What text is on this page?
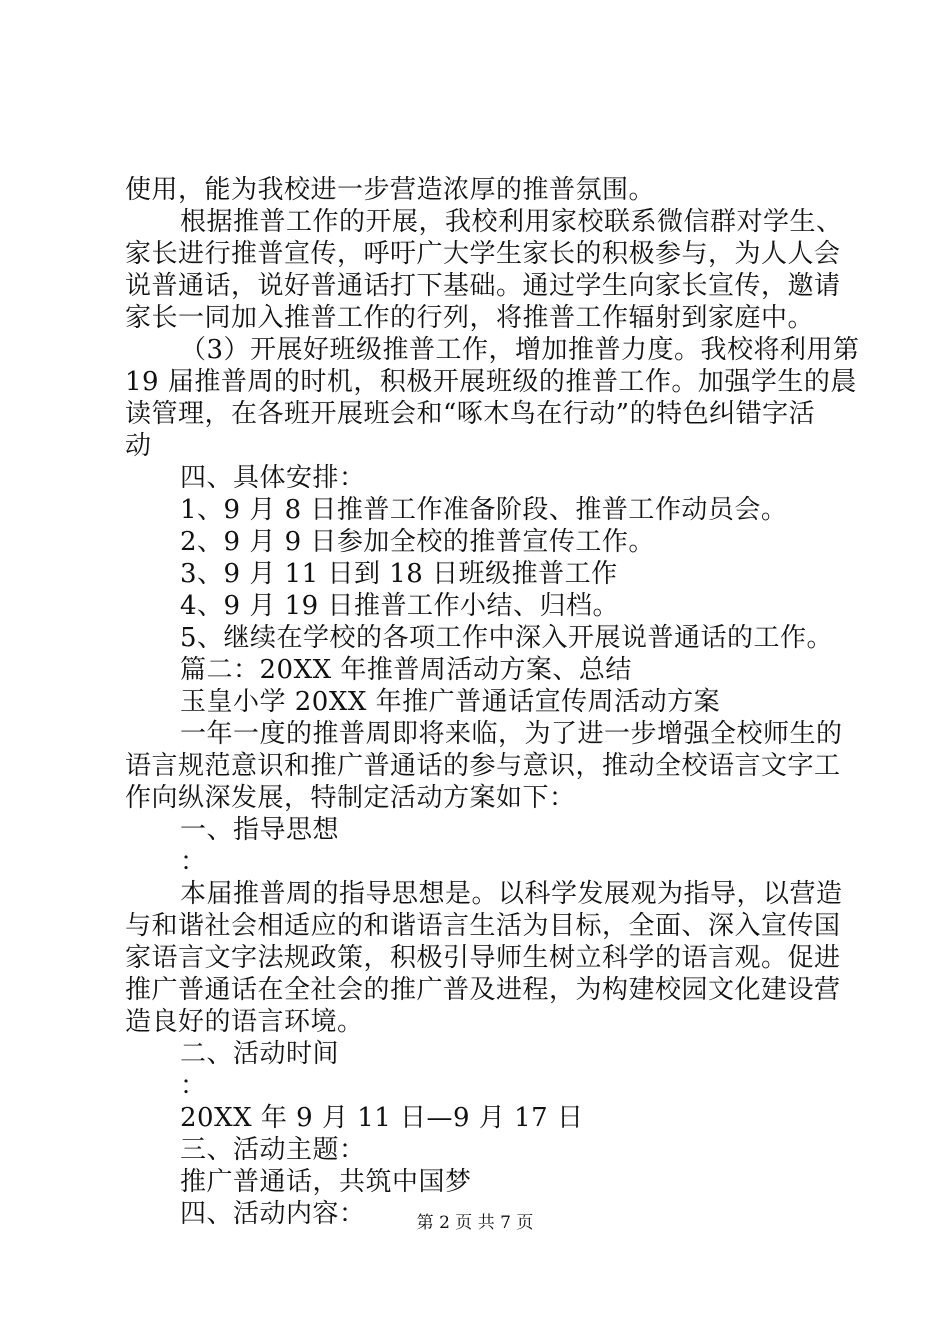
使用，能为我校进一步营造浓厚的推普氛围。
根据推普工作的开展，我校利用家校联系微信群对学生、
家长进行推普宣传，呼吁广大学生家长的积极参与，为人人会
说普通话，说好普通话打下基础。通过学生向家长宣传，邀请
家长一同加入推普工作的行列，将推普工作辐射到家庭中。
（3）开展好班级推普工作，增加推普力度。我校将利用第
19 届推普周的时机，积极开展班级的推普工作。加强学生的晨
读管理，在各班开展班会和“啄木鸟在行动”的特色纠错字活
动
四、具体安排：
1、9 月 8 日推普工作准备阶段、推普工作动员会。
2、9 月 9 日参加全校的推普宣传工作。
3、9 月 11 日到 18 日班级推普工作
4、9 月 19 日推普工作小结、归档。
5、继续在学校的各项工作中深入开展说普通话的工作。
篇二：20XX 年推普周活动方案、总结
玉皇小学 20XX 年推广普通话宣传周活动方案
一年一度的推普周即将来临，为了进一步增强全校师生的
语言规范意识和推广普通话的参与意识，推动全校语言文字工
作向纵深发展，特制定活动方案如下：
一、指导思想
：
本届推普周的指导思想是。以科学发展观为指导，以营造
与和谐社会相适应的和谐语言生活为目标，全面、深入宣传国
家语言文字法规政策，积极引导师生树立科学的语言观。促进
推广普通话在全社会的推广普及进程，为构建校园文化建设营
造良好的语言环境。
二、活动时间
：
20XX 年 9 月 11 日—9 月 17 日
三、活动主题：
推广普通话，共筑中国梦
四、活动内容：	第 2 页 共 7 页
